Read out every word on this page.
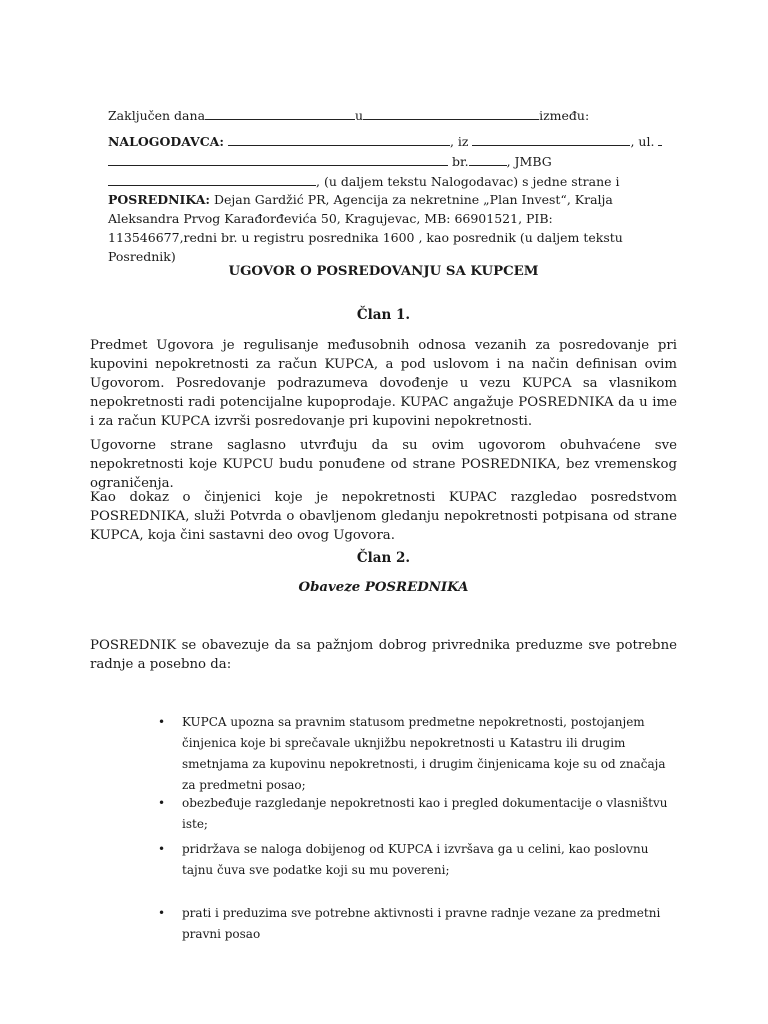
Zaključen dana	u	između:
NALOGODAVCA:	, iz	, ul.
br.	, JMBG
, (u daljem tekstu Nalogodavac) s jedne strane i
POSREDNIKA: Dejan Gardžić PR, Agencija za nekretnine „Plan Invest“, Kralja Aleksandra Prvog Karađorđevića 50, Kragujevac, MB: 66901521, PIB: 113546677,redni br. u registru posrednika 1600 , kao posrednik (u daljem tekstu Posrednik)
UGOVOR O POSREDOVANJU SA KUPCEM
Član 1.
Predmet Ugovora je regulisanje međusobnih odnosa vezanih za posredovanje pri kupovini nepokretnosti za račun KUPCA, a pod uslovom i na način definisan ovim Ugovorom. Posredovanje podrazumeva dovođenje u vezu KUPCA sa vlasnikom nepokretnosti radi potencijalne kupoprodaje. KUPAC angažuje POSREDNIKA da u ime i za račun KUPCA izvrši posredovanje pri kupovini nepokretnosti.
Ugovorne strane saglasno utvrđuju da su ovim ugovorom obuhvaćene sve nepokretnosti koje KUPCU budu ponuđene od strane POSREDNIKA, bez vremenskog ograničenja.
Kao dokaz o činjenici koje je nepokretnosti KUPAC razgledao posredstvom POSREDNIKA, služi Potvrda o obavljenom gledanju nepokretnosti potpisana od strane KUPCA, koja čini sastavni deo ovog Ugovora.
Član 2.
Obaveze POSREDNIKA
POSREDNIK se obavezuje da sa pažnjom dobrog privrednika preduzme sve potrebne radnje a posebno da:
• KUPCA upozna sa pravnim statusom predmetne nepokretnosti, postojanjem činjenica koje bi sprečavale uknjižbu nepokretnosti u Katastru ili drugim smetnjama za kupovinu nepokretnosti, i drugim činjenicama koje su od značaja za predmetni posao;
• obezbeđuje razgledanje nepokretnosti kao i pregled dokumentacije o vlasništvu iste;
• pridržava se naloga dobijenog od KUPCA i izvršava ga u celini, kao poslovnu tajnu čuva sve podatke koji su mu povereni;
• prati i preduzima sve potrebne aktivnosti i pravne radnje vezane za predmetni pravni posao
